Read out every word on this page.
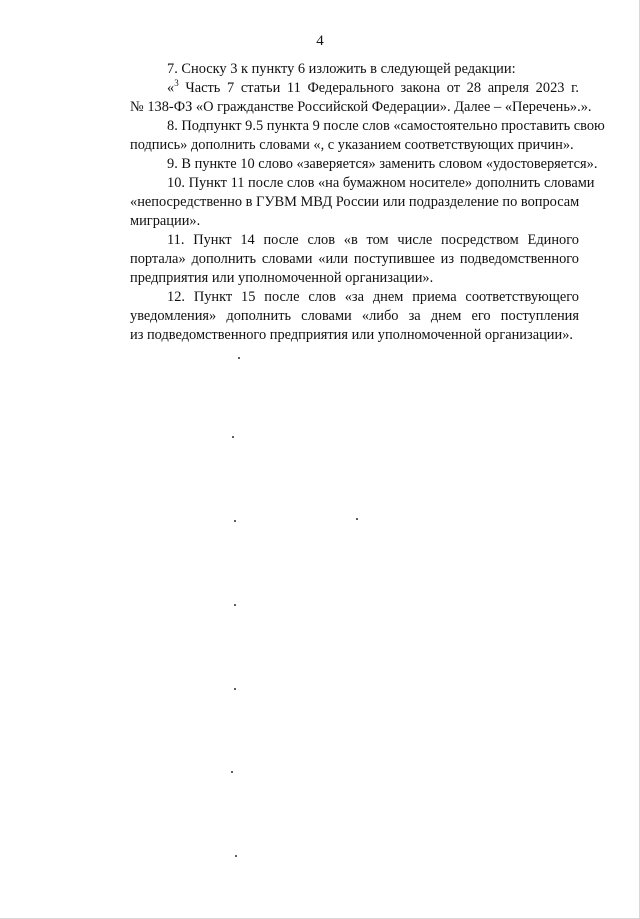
4

7. Сноску 3 к пункту 6 изложить в следующей редакции:

«$^3$ Часть 7 статьи 11 Федерального закона от 28 апреля 2023 г.
№ 138-ФЗ «О гражданстве Российской Федерации». Далее – «Перечень».».

8. Подпункт 9.5 пункта 9 после слов «самостоятельно проставить свою
подпись» дополнить словами «, с указанием соответствующих причин».

9. В пункте 10 слово «заверяется» заменить словом «удостоверяется».

10. Пункт 11 после слов «на бумажном носителе» дополнить словами
«непосредственно в ГУВМ МВД России или подразделение по вопросам
миграции».

11. Пункт 14 после слов «в том числе посредством Единого
портала» дополнить словами «или поступившее из подведомственного
предприятия или уполномоченной организации».

12. Пункт 15 после слов «за днем приема соответствующего
уведомления» дополнить словами «либо за днем его поступления
из подведомственного предприятия или уполномоченной организации».
